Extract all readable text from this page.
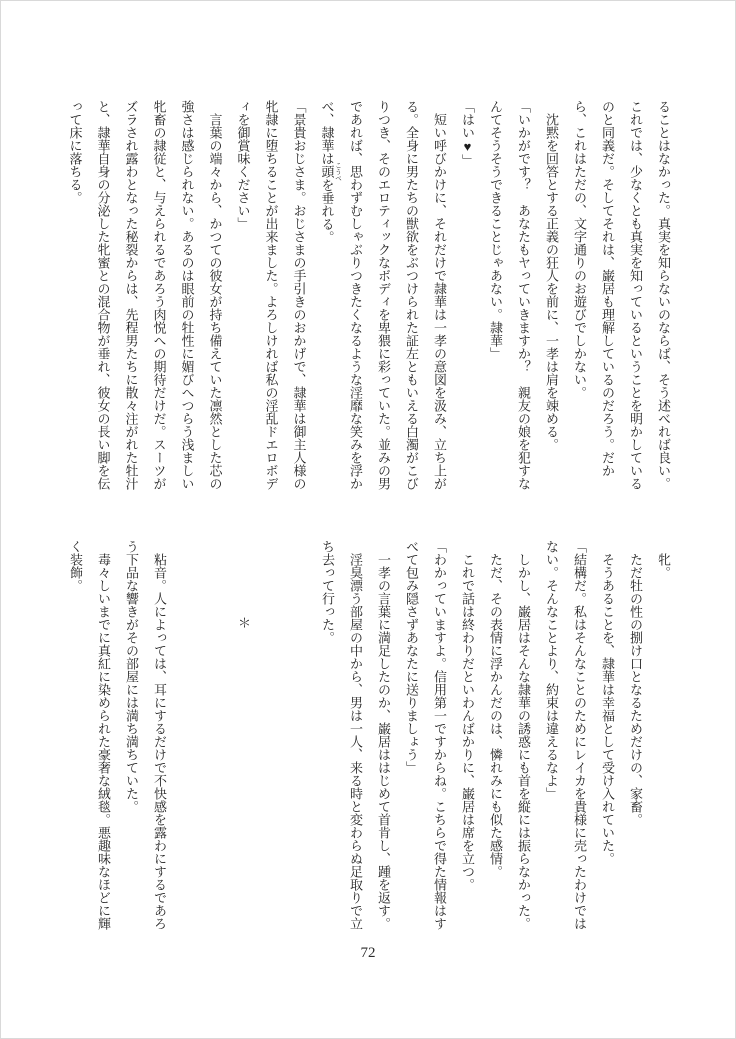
ることはなかった。真実を知らないのならば、そう述べれば良い。

これでは、少なくとも真実を知っているということを明かしている

のと同義だ。そしてそれは、巌居も理解しているのだろう。だか

ら、これはただの、文字通りのお遊びでしかない。

沈黙を回答とする正義の狂人を前に、一孝は肩を竦める。

「いかがです？　あなたもヤっていきますか？　親友の娘を犯すな

んてそうそうできることじゃあない。隷華」

「はい♥」

短い呼びかけに、それだけで隷華は一孝の意図を汲み、立ち上が

る。全身に男たちの獣欲をぶつけられた証左ともいえる白濁がこび

りつき、そのエロティックなボディを卑猥に彩っていた。並みの男

であれば、思わずむしゃぶりつきたくなるような淫靡な笑みを浮か

べ、隷華は頭 こうべを垂れる。

「景貴おじさま。おじさまの手引きのおかげで、隷華は御主人様の

牝隷に堕ちることが出来ました。よろしければ私の淫乱ドエロボデ

ィを御賞味ください」

言葉の端々から、かつての彼女が持ち備えていた凛然とした芯の

強さは感じられない。あるのは眼前の牡性に媚びへつらう浅ましい

牝畜の隷従と、与えられるであろう肉悦への期待だけだ。スーツが

ズラされ露わとなった秘裂からは、先程男たちに散々注がれた牡汁

と、隷華自身の分泌した牝蜜との混合物が垂れ、彼女の長い脚を伝

って床に落ちる。

牝。

ただ牡の性の捌け口となるためだけの、家畜。

そうあることを、隷華は幸福として受け入れていた。

「結構だ。私はそんなことのためにレイカを貴様に売ったわけでは

ない。そんなことより、約束は違えるなよ」

しかし、巌居はそんな隷華の誘惑にも首を縦には振らなかった。

ただ、その表情に浮かんだのは、憐れみにも似た感情。

これで話は終わりだといわんばかりに、巌居は席を立つ。

「わかっていますよ。信用第一ですからね。こちらで得た情報はす

べて包み隠さずあなたに送りましょう」

一孝の言葉に満足したのか、巌居ははじめて首肯し、踵を返す。

淫臭漂う部屋の中から、男は一人、来る時と変わらぬ足取りで立

ち去って行った。

＊

粘音。人によっては、耳にするだけで不快感を露わにするであろ

う下品な響きがその部屋には満ち満ちていた。

毒々しいまでに真紅に染められた豪奢な絨毯。悪趣味なほどに輝

く装飾。

72
